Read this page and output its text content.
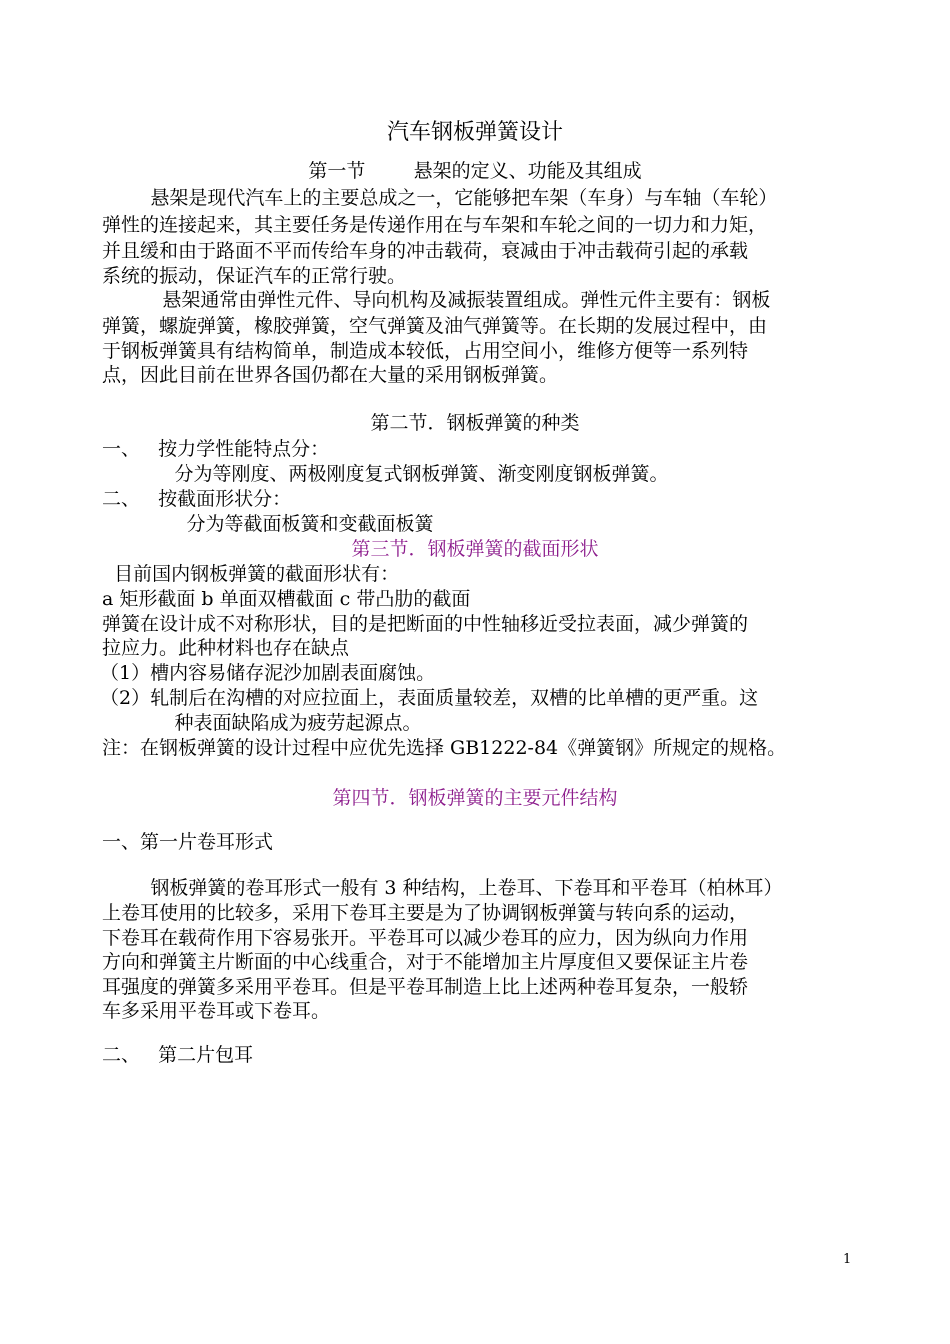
汽车钢板弹簧设计
第一节        悬架的定义、功能及其组成
悬架是现代汽车上的主要总成之一，它能够把车架（车身）与车轴（车轮）
弹性的连接起来，其主要任务是传递作用在与车架和车轮之间的一切力和力矩，
并且缓和由于路面不平而传给车身的冲击载荷，衰减由于冲击载荷引起的承载
系统的振动，保证汽车的正常行驶。
悬架通常由弹性元件、导向机构及减振装置组成。弹性元件主要有：钢板
弹簧，螺旋弹簧，橡胶弹簧，空气弹簧及油气弹簧等。在长期的发展过程中，由
于钢板弹簧具有结构简单，制造成本较低，占用空间小，维修方便等一系列特
点，因此目前在世界各国仍都在大量的采用钢板弹簧。
第二节．钢板弹簧的种类
一、   按力学性能特点分：
分为等刚度、两极刚度复式钢板弹簧、渐变刚度钢板弹簧。
二、   按截面形状分：
分为等截面板簧和变截面板簧
第三节．钢板弹簧的截面形状
目前国内钢板弹簧的截面形状有：
a 矩形截面 b 单面双槽截面 c 带凸肋的截面
弹簧在设计成不对称形状，目的是把断面的中性轴移近受拉表面，减少弹簧的
拉应力。此种材料也存在缺点
（1）槽内容易储存泥沙加剧表面腐蚀。
（2）轧制后在沟槽的对应拉面上，表面质量较差，双槽的比单槽的更严重。这
种表面缺陷成为疲劳起源点。
注：在钢板弹簧的设计过程中应优先选择 GB1222-84《弹簧钢》所规定的规格。
第四节．钢板弹簧的主要元件结构
一、第一片卷耳形式
钢板弹簧的卷耳形式一般有 3 种结构，上卷耳、下卷耳和平卷耳（柏林耳）
上卷耳使用的比较多，采用下卷耳主要是为了协调钢板弹簧与转向系的运动，
下卷耳在载荷作用下容易张开。平卷耳可以减少卷耳的应力，因为纵向力作用
方向和弹簧主片断面的中心线重合，对于不能增加主片厚度但又要保证主片卷
耳强度的弹簧多采用平卷耳。但是平卷耳制造上比上述两种卷耳复杂，一般轿
车多采用平卷耳或下卷耳。
二、   第二片包耳
1
